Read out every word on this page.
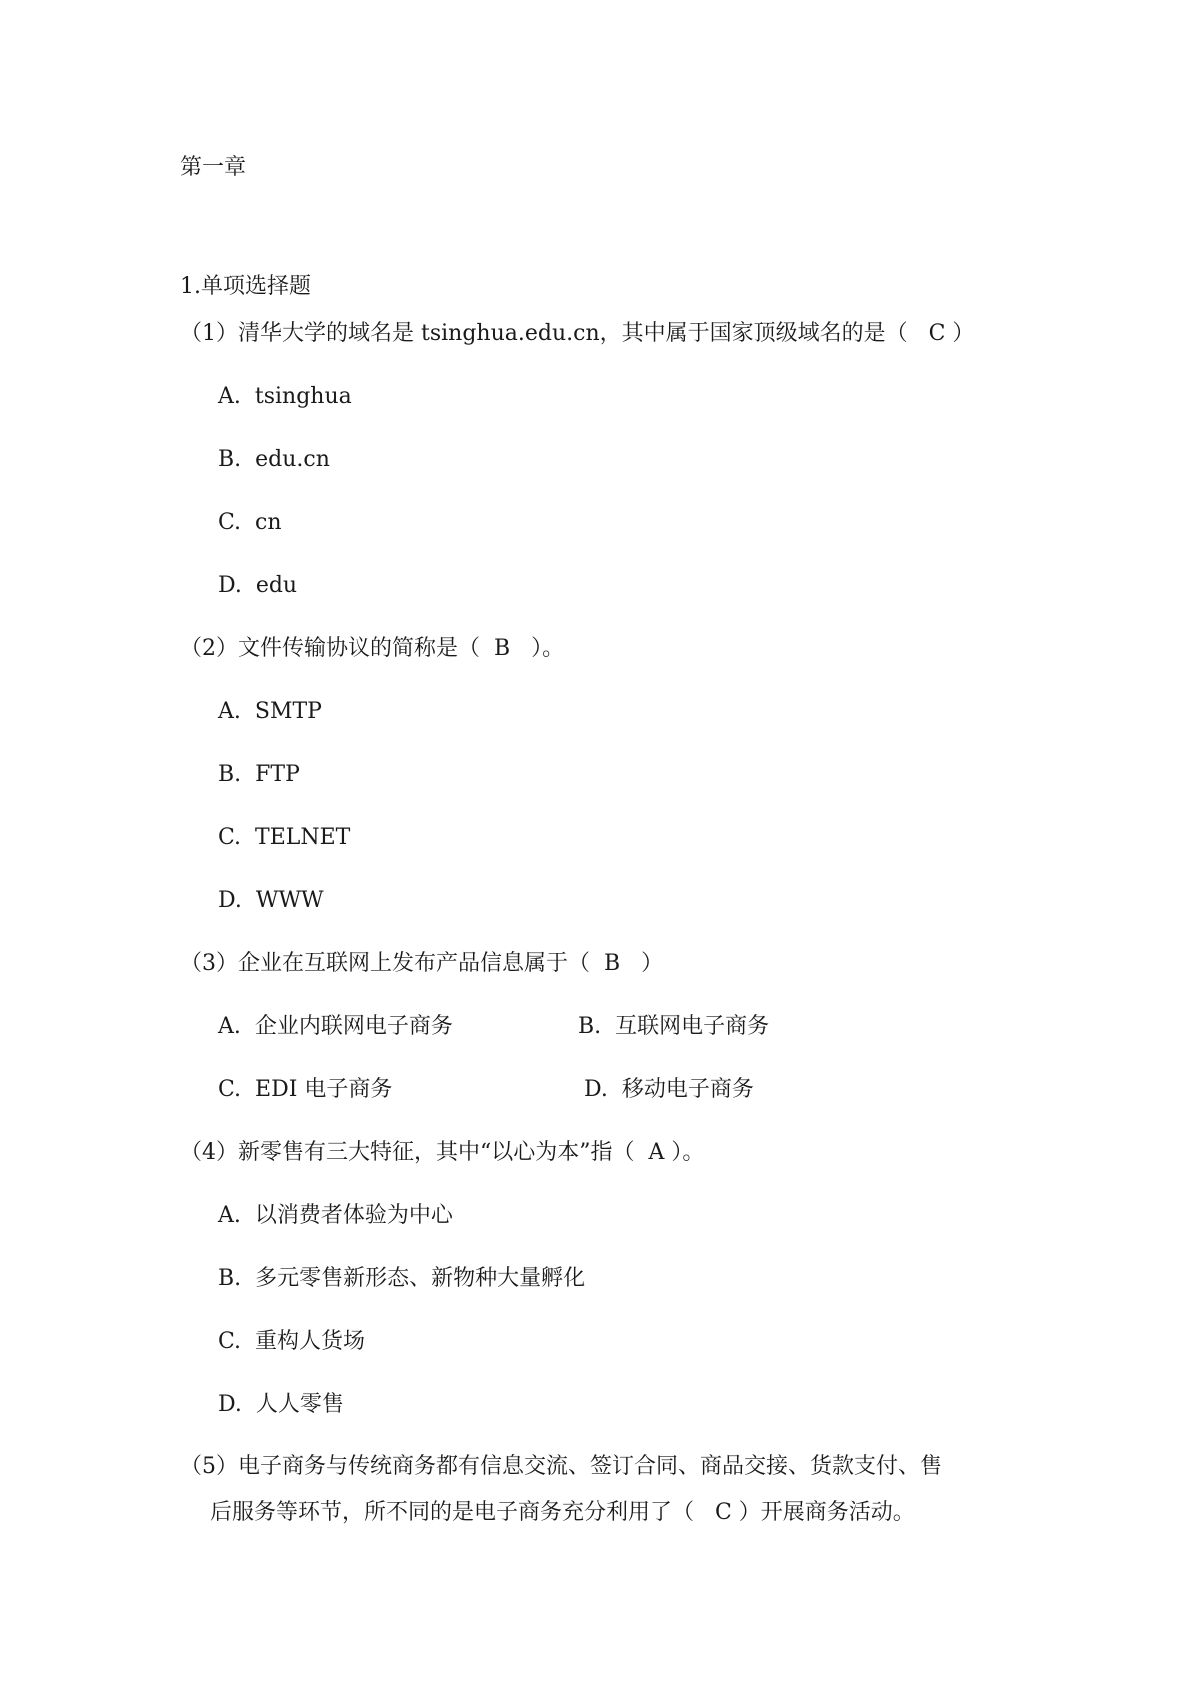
第一章
1.单项选择题
（1）清华大学的域名是 tsinghua.edu.cn，其中属于国家顶级域名的是（   C ）
A.  tsinghua
B.  edu.cn
C.  cn
D.  edu
（2）文件传输协议的简称是（  B   ）。
A.  SMTP
B.  FTP
C.  TELNET
D.  WWW
（3）企业在互联网上发布产品信息属于（  B   ）
A.  企业内联网电子商务	B.  互联网电子商务
C.  EDI 电子商务	D.  移动电子商务
（4）新零售有三大特征，其中“以心为本”指（  A ）。
A.  以消费者体验为中心
B.  多元零售新形态、新物种大量孵化
C.  重构人货场
D.  人人零售
（5）电子商务与传统商务都有信息交流、签订合同、商品交接、货款支付、售
后服务等环节，所不同的是电子商务充分利用了（   C ）开展商务活动。
